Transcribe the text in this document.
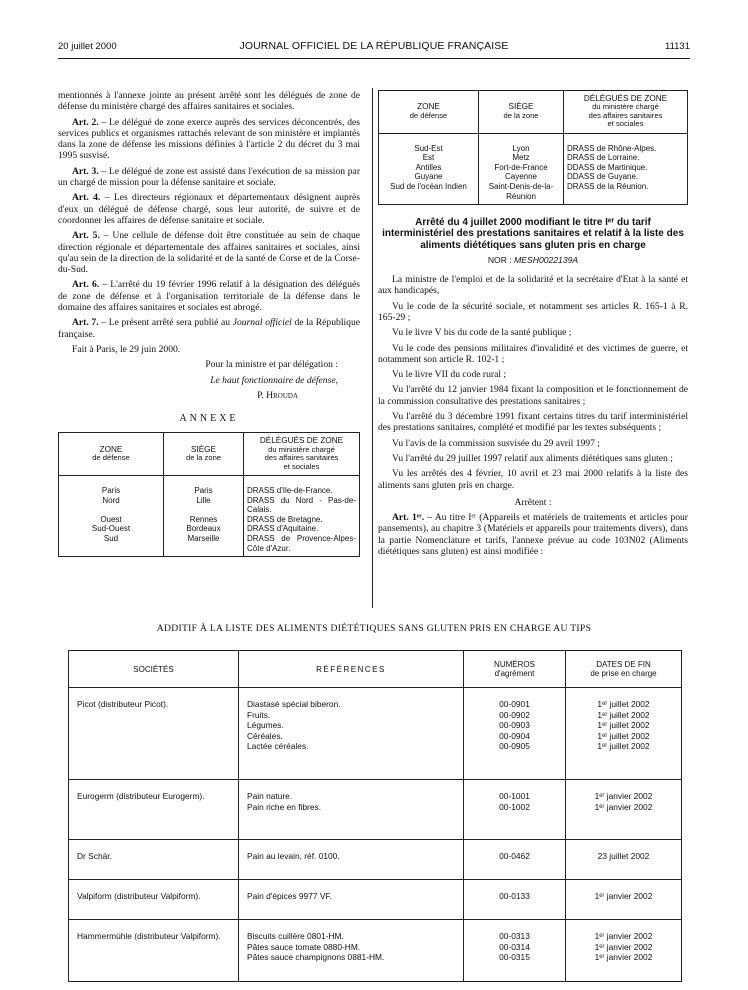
20 juillet 2000	JOURNAL OFFICIEL DE LA RÉPUBLIQUE FRANÇAISE	11131

mentionnés à l'annexe jointe au présent arrêté sont les délégués de zone de défense du ministère chargé des affaires sanitaires et sociales.

Art. 2. – Le délégué de zone exerce auprès des services déconcentrés, des services publics et organismes rattachés relevant de son ministère et implantés dans la zone de défense les missions définies à l'article 2 du décret du 3 mai 1995 susvisé.

Art. 3. – Le délégué de zone est assisté dans l'exécution de sa mission par un chargé de mission pour la défense sanitaire et sociale.

Art. 4. – Les directeurs régionaux et départementaux désignent auprès d'eux un délégué de défense chargé, sous leur autorité, de suivre et de coordonner les affaires de défense sanitaire et sociale.

Art. 5. – Une cellule de défense doit être constituée au sein de chaque direction régionale et départementale des affaires sanitaires et sociales, ainsi qu'au sein de la direction de la solidarité et de la santé de Corse et de la Corse-du-Sud.

Art. 6. – L'arrêté du 19 février 1996 relatif à la désignation des délégués de zone de défense et à l'organisation territoriale de la défense dans le domaine des affaires sanitaires et sociales est abrogé.

Art. 7. – Le présent arrêté sera publié au Journal officiel de la République française.

Fait à Paris, le 29 juin 2000.

Pour la ministre et par délégation :

Le haut fonctionnaire de défense,

P. Hrouda

ANNEXE
ZONE
de défense	SIÈGE
de la zone	DÉLÉGUÉS DE ZONE
du ministère chargé
des affaires sanitaires
et sociales
Paris	Paris	DRASS d'Ile-de-France.
Nord	Lille	DRASS du Nord - Pas-de-Calais.
Ouest	Rennes	DRASS de Bretagne.
Sud-Ouest	Bordeaux	DRASS d'Aquitaine.
Sud	Marseille	DRASS de Provence-Alpes-Côte d'Azur.
ZONE
de défense	SIÈGE
de la zone	DÉLÉGUÉS DE ZONE
du ministère chargé
des affaires sanitaires
et sociales
Sud-Est	Lyon	DRASS de Rhône-Alpes.
Est	Metz	DRASS de Lorraine.
Antilles	Fort-de-France	DDASS de Martinique.
Guyane	Cayenne	DDASS de Guyane.
Sud de l'océan Indien	Saint-Denis-de-la-Réunion	DRASS de la Réunion.
Arrêté du 4 juillet 2000 modifiant le titre Iᵉʳ du tarif interministériel des prestations sanitaires et relatif à la liste des aliments diététiques sans gluten pris en charge
NOR : MESH0022139A

La ministre de l'emploi et de la solidarité et la secrétaire d'Etat à la santé et aux handicapés,

Vu le code de la sécurité sociale, et notamment ses articles R. 165-1 à R. 165-29 ;

Vu le livre V bis du code de la santé publique ;

Vu le code des pensions militaires d'invalidité et des victimes de guerre, et notamment son article R. 102-1 ;

Vu le livre VII du code rural ;

Vu l'arrêté du 12 janvier 1984 fixant la composition et le fonctionnement de la commission consultative des prestations sanitaires ;

Vu l'arrêté du 3 décembre 1991 fixant certains titres du tarif interministériel des prestations sanitaires, complété et modifié par les textes subséquents ;

Vu l'avis de la commission susvisée du 29 avril 1997 ;

Vu l'arrêté du 29 juillet 1997 relatif aux aliments diététiques sans gluten ;

Vu les arrêtés des 4 février, 10 avril et 23 mai 2000 relatifs à la liste des aliments sans gluten pris en charge.

Arrêtent :

Art. 1ᵉʳ. – Au titre Iᵉʳ (Appareils et matériels de traitements et articles pour pansements), au chapitre 3 (Matériels et appareils pour traitements divers), dans la partie Nomenclature et tarifs, l'annexe prévue au code 103N02 (Aliments diététiques sans gluten) est ainsi modifiée :

ADDITIF À LA LISTE DES ALIMENTS DIÉTÉTIQUES SANS GLUTEN PRIS EN CHARGE AU TIPS
SOCIÉTÉS	RÉFÉRENCES	NUMÉROS
d'agrément	DATES DE FIN
de prise en charge
Picot (distributeur Picot).	Diastasé spécial biberon.
Fruits.
Légumes.
Céréales.
Lactée céréales.	00-0901
00-0902
00-0903
00-0904
00-0905	1ᵉʳ juillet 2002
1ᵉʳ juillet 2002
1ᵉʳ juillet 2002
1ᵉʳ juillet 2002
1ᵉʳ juillet 2002

Eurogerm (distributeur Eurogerm).	Pain nature.
Pain riche en fibres.	00-1001
00-1002	1ᵉʳ janvier 2002
1ᵉʳ janvier 2002

Dr Schär.	Pain au levain, réf. 0100.	00-0462	23 juillet 2002

Valpiform (distributeur Valpiform).	Pain d'épices 9977 VF.	00-0133	1ᵉʳ janvier 2002

Hammermühle (distributeur Valpiform).	Biscuits cuillère 0801-HM.
Pâtes sauce tomate 0880-HM.
Pâtes sauce champignons 0881-HM.	00-0313
00-0314
00-0315	1ᵉʳ janvier 2002
1ᵉʳ janvier 2002
1ᵉʳ janvier 2002
